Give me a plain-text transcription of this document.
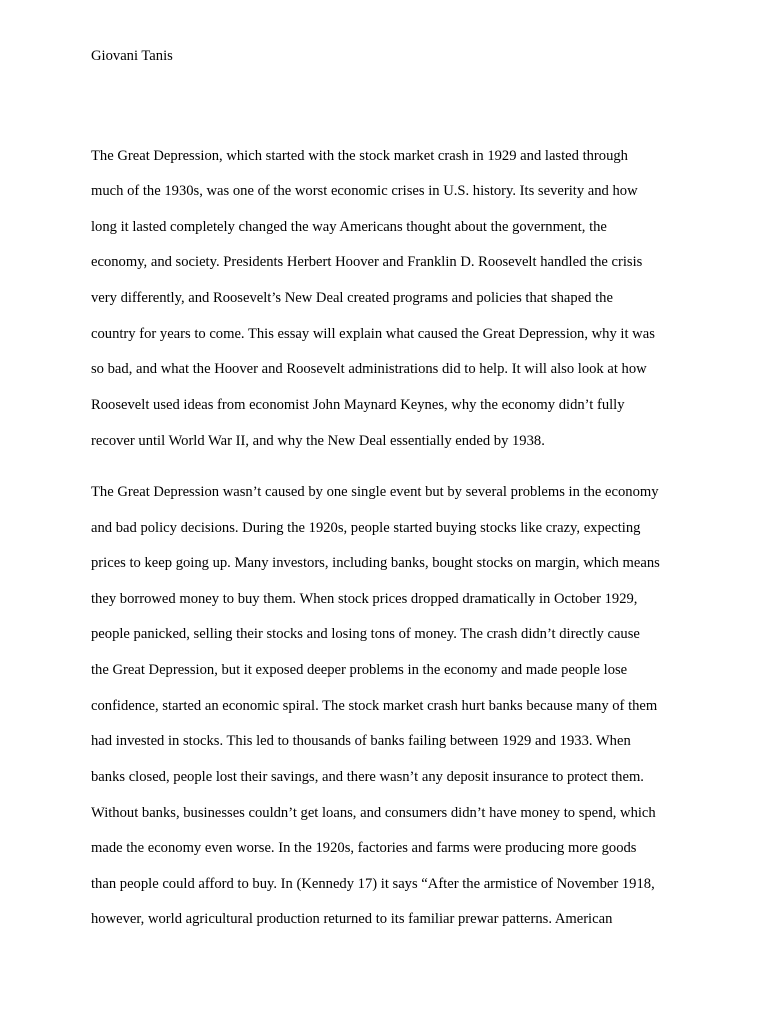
Giovani Tanis
The Great Depression, which started with the stock market crash in 1929 and lasted through
much of the 1930s, was one of the worst economic crises in U.S. history. Its severity and how
long it lasted completely changed the way Americans thought about the government, the
economy, and society. Presidents Herbert Hoover and Franklin D. Roosevelt handled the crisis
very differently, and Roosevelt’s New Deal created programs and policies that shaped the
country for years to come. This essay will explain what caused the Great Depression, why it was
so bad, and what the Hoover and Roosevelt administrations did to help. It will also look at how
Roosevelt used ideas from economist John Maynard Keynes, why the economy didn’t fully
recover until World War II, and why the New Deal essentially ended by 1938.
The Great Depression wasn’t caused by one single event but by several problems in the economy
and bad policy decisions. During the 1920s, people started buying stocks like crazy, expecting
prices to keep going up. Many investors, including banks, bought stocks on margin, which means
they borrowed money to buy them. When stock prices dropped dramatically in October 1929,
people panicked, selling their stocks and losing tons of money. The crash didn’t directly cause
the Great Depression, but it exposed deeper problems in the economy and made people lose
confidence, started an economic spiral. The stock market crash hurt banks because many of them
had invested in stocks. This led to thousands of banks failing between 1929 and 1933. When
banks closed, people lost their savings, and there wasn’t any deposit insurance to protect them.
Without banks, businesses couldn’t get loans, and consumers didn’t have money to spend, which
made the economy even worse. In the 1920s, factories and farms were producing more goods
than people could afford to buy. In (Kennedy 17) it says “After the armistice of November 1918,
however, world agricultural production returned to its familiar prewar patterns. American
